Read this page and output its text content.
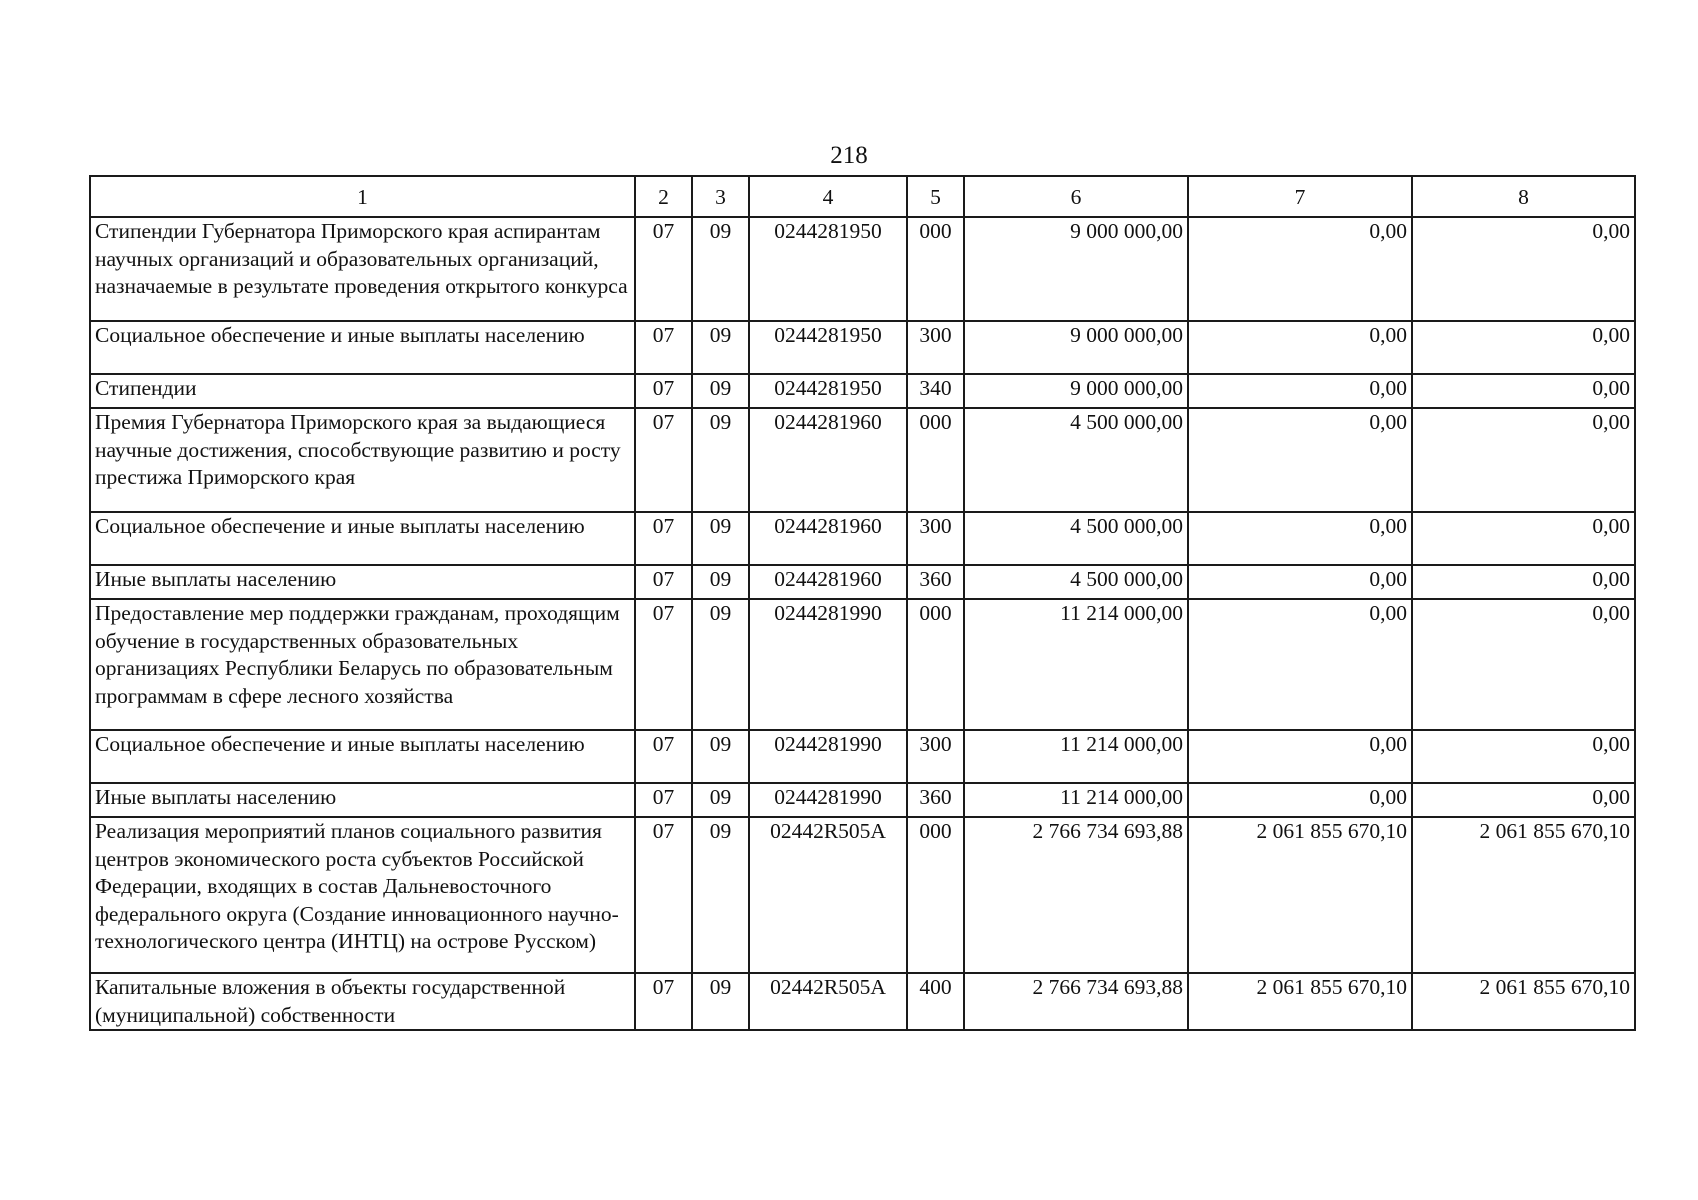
218
1	2	3	4	5	6	7	8
Стипендии Губернатора Приморского края аспирантам научных организаций и образовательных организаций, назначаемые в результате проведения открытого конкурса	07	09	0244281950	000	9 000 000,00	0,00	0,00
Социальное обеспечение и иные выплаты населению	07	09	0244281950	300	9 000 000,00	0,00	0,00
Стипендии	07	09	0244281950	340	9 000 000,00	0,00	0,00
Премия Губернатора Приморского края за выдающиеся научные достижения, способствующие развитию и росту престижа Приморского края	07	09	0244281960	000	4 500 000,00	0,00	0,00
Социальное обеспечение и иные выплаты населению	07	09	0244281960	300	4 500 000,00	0,00	0,00
Иные выплаты населению	07	09	0244281960	360	4 500 000,00	0,00	0,00
Предоставление мер поддержки гражданам, проходящим обучение в государственных образовательных организациях Республики Беларусь по образовательным программам в сфере лесного хозяйства	07	09	0244281990	000	11 214 000,00	0,00	0,00
Социальное обеспечение и иные выплаты населению	07	09	0244281990	300	11 214 000,00	0,00	0,00
Иные выплаты населению	07	09	0244281990	360	11 214 000,00	0,00	0,00
Реализация мероприятий планов социального развития центров экономического роста субъектов Российской Федерации, входящих в состав Дальневосточного федерального округа (Создание инновационного научно-технологического центра (ИНТЦ) на острове Русском)	07	09	02442R505A	000	2 766 734 693,88	2 061 855 670,10	2 061 855 670,10
Капитальные вложения в объекты государственной (муниципальной) собственности	07	09	02442R505A	400	2 766 734 693,88	2 061 855 670,10	2 061 855 670,10
